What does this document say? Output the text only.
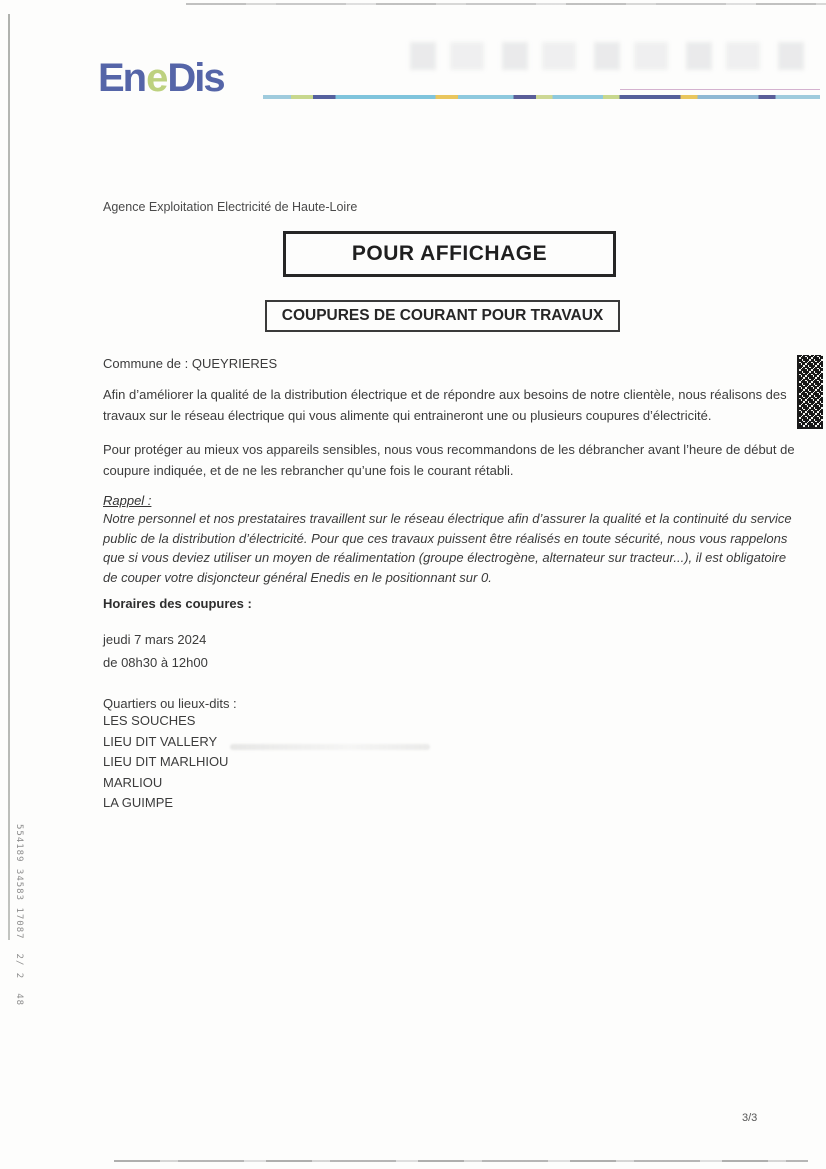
EneDis
Agence Exploitation Electricité de Haute-Loire
POUR AFFICHAGE
COUPURES DE COURANT POUR TRAVAUX
Commune de : QUEYRIERES
Afin d’améliorer la qualité de la distribution électrique et de répondre aux besoins de notre clientèle, nous réalisons des travaux sur le réseau électrique qui vous alimente qui entraineront une ou plusieurs coupures d’électricité.
Pour protéger au mieux vos appareils sensibles, nous vous recommandons de les débrancher avant l’heure de début de coupure indiquée, et de ne les rebrancher qu’une fois le courant rétabli.
Rappel :
Notre personnel et nos prestataires travaillent sur le réseau électrique afin d’assurer la qualité et la continuité du service public de la distribution d’électricité. Pour que ces travaux puissent être réalisés en toute sécurité, nous vous rappelons que si vous deviez utiliser un moyen de réalimentation (groupe électrogène, alternateur sur tracteur...), il est obligatoire de couper votre disjoncteur général Enedis en le positionnant sur 0.
Horaires des coupures :
jeudi 7 mars 2024
de 08h30 à 12h00
Quartiers ou lieux-dits :
LES SOUCHES
LIEU DIT VALLERY
LIEU DIT MARLHIOU
MARLIOU
LA GUIMPE
554189 34583 170872/ 248
3/3
